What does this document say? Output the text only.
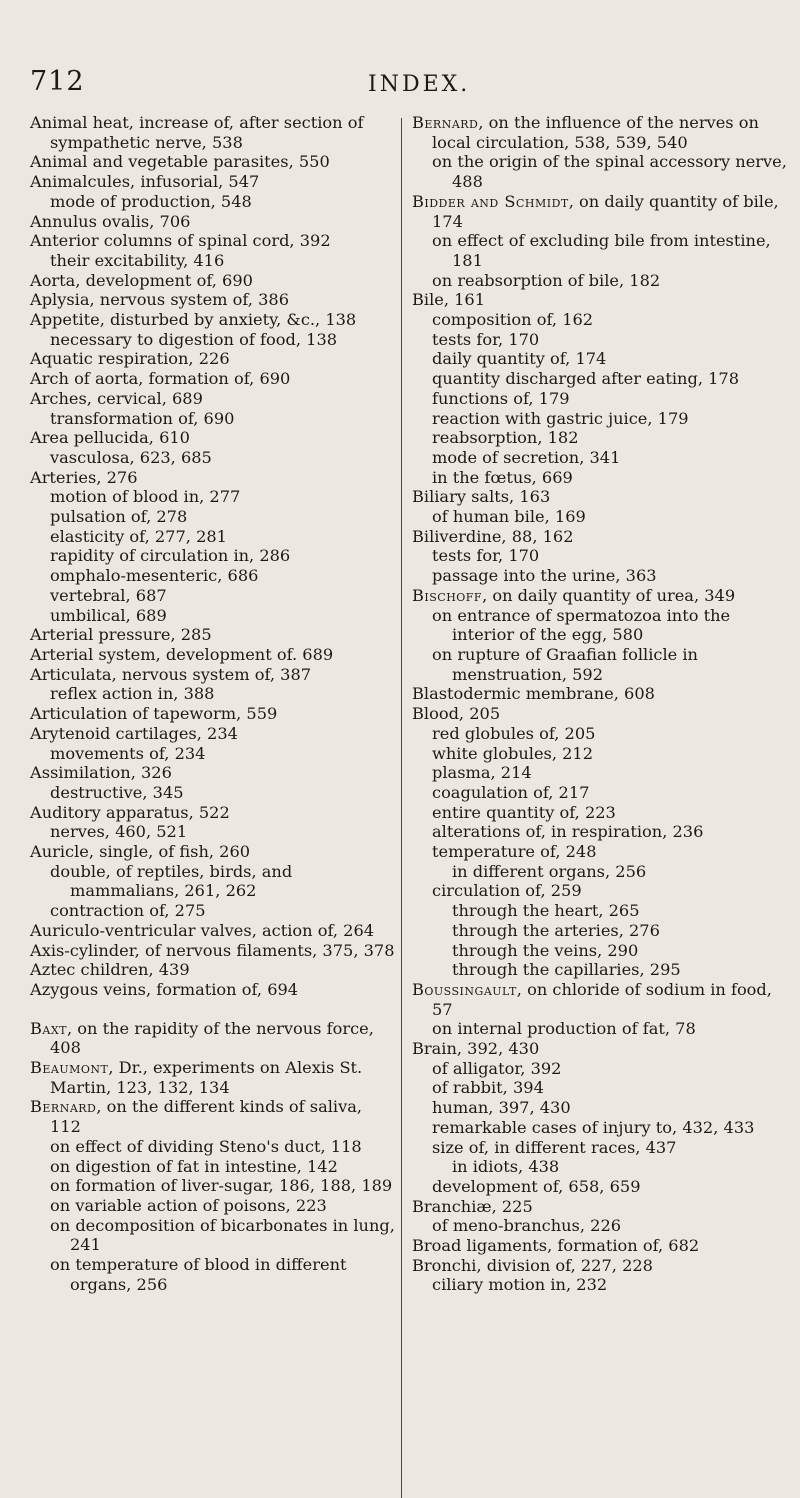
712	INDEX.
Animal heat, increase of, after section of sympathetic nerve, 538
Animal and vegetable parasites, 550
Animalcules, infusorial, 547
mode of production, 548
Annulus ovalis, 706
Anterior columns of spinal cord, 392
their excitability, 416
Aorta, development of, 690
Aplysia, nervous system of, 386
Appetite, disturbed by anxiety, &c., 138
necessary to digestion of food, 138
Aquatic respiration, 226
Arch of aorta, formation of, 690
Arches, cervical, 689
transformation of, 690
Area pellucida, 610
vasculosa, 623, 685
Arteries, 276
motion of blood in, 277
pulsation of, 278
elasticity of, 277, 281
rapidity of circulation in, 286
omphalo-mesenteric, 686
vertebral, 687
umbilical, 689
Arterial pressure, 285
Arterial system, development of. 689
Articulata, nervous system of, 387
reflex action in, 388
Articulation of tapeworm, 559
Arytenoid cartilages, 234
movements of, 234
Assimilation, 326
destructive, 345
Auditory apparatus, 522
nerves, 460, 521
Auricle, single, of fish, 260
double, of reptiles, birds, and mammalians, 261, 262
contraction of, 275
Auriculo-ventricular valves, action of, 264
Axis-cylinder, of nervous filaments, 375, 378
Aztec children, 439
Azygous veins, formation of, 694
Baxt, on the rapidity of the nervous force, 408
Beaumont, Dr., experiments on Alexis St. Martin, 123, 132, 134
Bernard, on the different kinds of saliva, 112
on effect of dividing Steno's duct, 118
on digestion of fat in intestine, 142
on formation of liver-sugar, 186, 188, 189
on variable action of poisons, 223
on decomposition of bicarbonates in lung, 241
on temperature of blood in different organs, 256
Bernard, on the influence of the nerves on local circulation, 538, 539, 540
on the origin of the spinal accessory nerve, 488
Bidder and Schmidt, on daily quantity of bile, 174
on effect of excluding bile from intestine, 181
on reabsorption of bile, 182
Bile, 161
composition of, 162
tests for, 170
daily quantity of, 174
quantity discharged after eating, 178
functions of, 179
reaction with gastric juice, 179
reabsorption, 182
mode of secretion, 341
in the fœtus, 669
Biliary salts, 163
of human bile, 169
Biliverdine, 88, 162
tests for, 170
passage into the urine, 363
Bischoff, on daily quantity of urea, 349
on entrance of spermatozoa into the interior of the egg, 580
on rupture of Graafian follicle in menstruation, 592
Blastodermic membrane, 608
Blood, 205
red globules of, 205
white globules, 212
plasma, 214
coagulation of, 217
entire quantity of, 223
alterations of, in respiration, 236
temperature of, 248
in different organs, 256
circulation of, 259
through the heart, 265
through the arteries, 276
through the veins, 290
through the capillaries, 295
Boussingault, on chloride of sodium in food, 57
on internal production of fat, 78
Brain, 392, 430
of alligator, 392
of rabbit, 394
human, 397, 430
remarkable cases of injury to, 432, 433
size of, in different races, 437
in idiots, 438
development of, 658, 659
Branchiæ, 225
of meno-branchus, 226
Broad ligaments, formation of, 682
Bronchi, division of, 227, 228
ciliary motion in, 232
